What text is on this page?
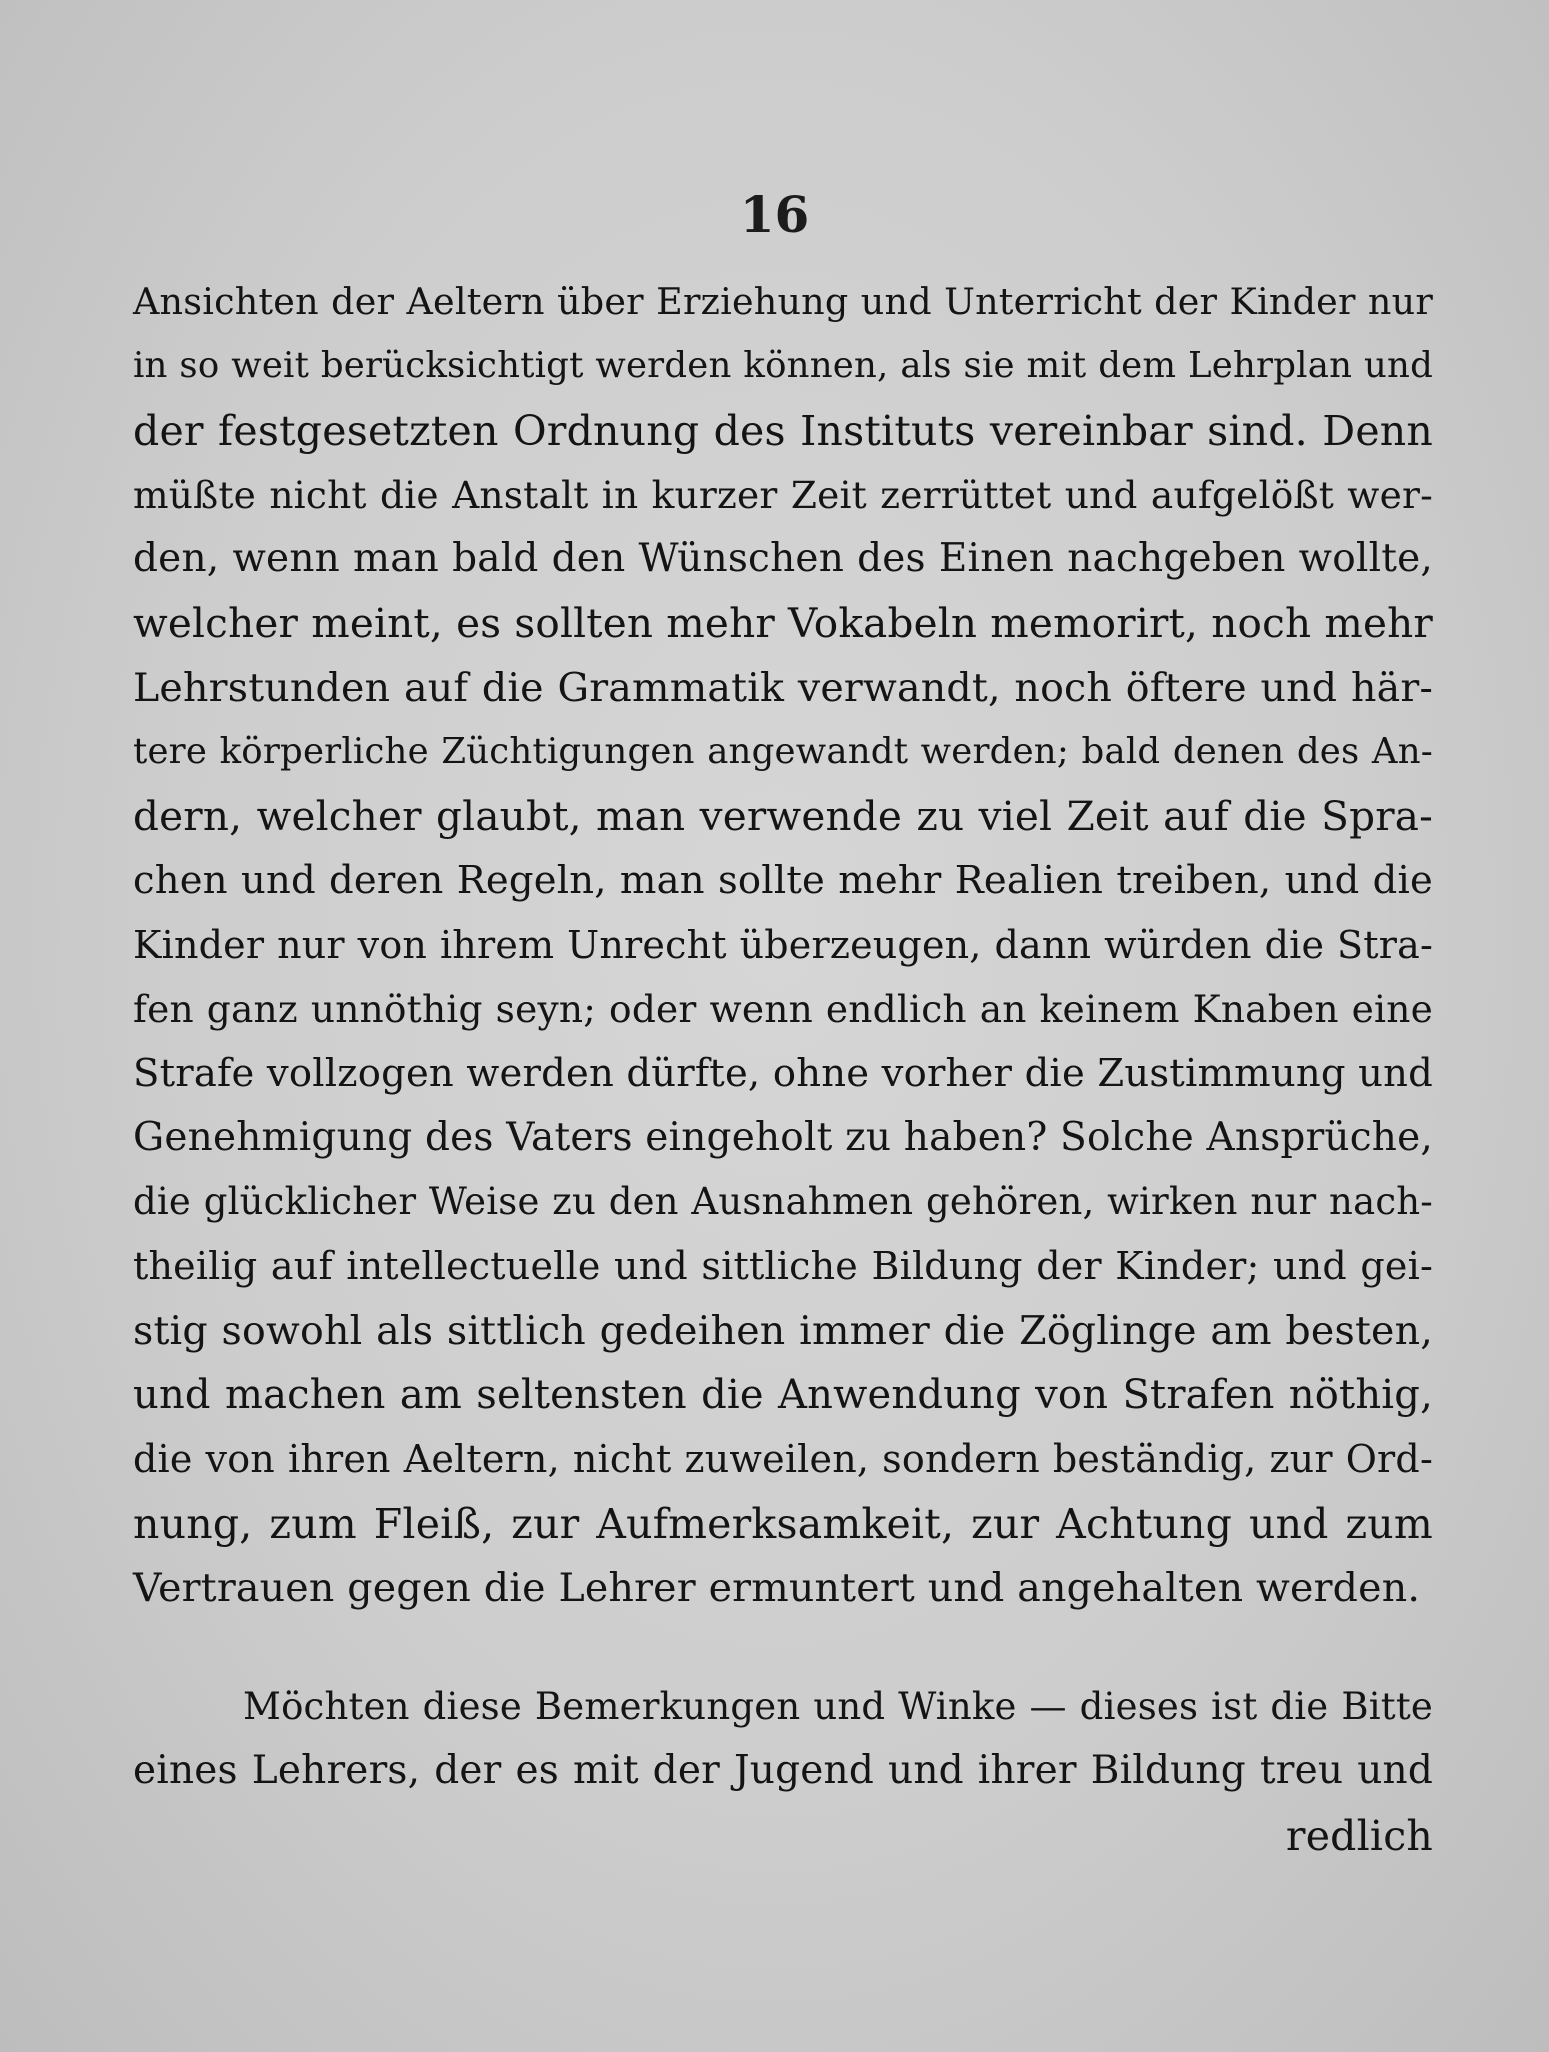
16
Ansichten der Aeltern über Erziehung und Unterricht der Kinder nur
in so weit berücksichtigt werden können, als sie mit dem Lehrplan und
der festgesetzten Ordnung des Instituts vereinbar sind. Denn
müßte nicht die Anstalt in kurzer Zeit zerrüttet und aufgelößt wer-
den, wenn man bald den Wünschen des Einen nachgeben wollte,
welcher meint, es sollten mehr Vokabeln memorirt, noch mehr
Lehrstunden auf die Grammatik verwandt, noch öftere und här-
tere körperliche Züchtigungen angewandt werden; bald denen des An-
dern, welcher glaubt, man verwende zu viel Zeit auf die Spra-
chen und deren Regeln, man sollte mehr Realien treiben, und die
Kinder nur von ihrem Unrecht überzeugen, dann würden die Stra-
fen ganz unnöthig seyn; oder wenn endlich an keinem Knaben eine
Strafe vollzogen werden dürfte, ohne vorher die Zustimmung und
Genehmigung des Vaters eingeholt zu haben? Solche Ansprüche,
die glücklicher Weise zu den Ausnahmen gehören, wirken nur nach-
theilig auf intellectuelle und sittliche Bildung der Kinder; und gei-
stig sowohl als sittlich gedeihen immer die Zöglinge am besten,
und machen am seltensten die Anwendung von Strafen nöthig,
die von ihren Aeltern, nicht zuweilen, sondern beständig, zur Ord-
nung, zum Fleiß, zur Aufmerksamkeit, zur Achtung und zum
Vertrauen gegen die Lehrer ermuntert und angehalten werden.
Möchten diese Bemerkungen und Winke — dieses ist die Bitte
eines Lehrers, der es mit der Jugend und ihrer Bildung treu und
redlich
